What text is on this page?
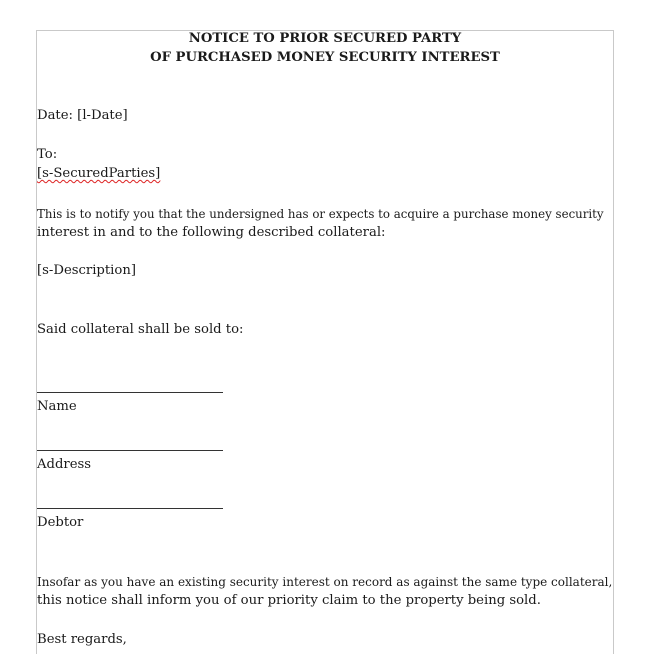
NOTICE TO PRIOR SECURED PARTY
OF PURCHASED MONEY SECURITY INTEREST
Date: [l-Date]
To:
[s-SecuredParties]
This is to notify you that the undersigned has or expects to acquire a purchase money security
interest in and to the following described collateral:
[s-Description]
Said collateral shall be sold to:
Name
Address
Debtor
Insofar as you have an existing security interest on record as against the same type collateral,
this notice shall inform you of our priority claim to the property being sold.
Best regards,
